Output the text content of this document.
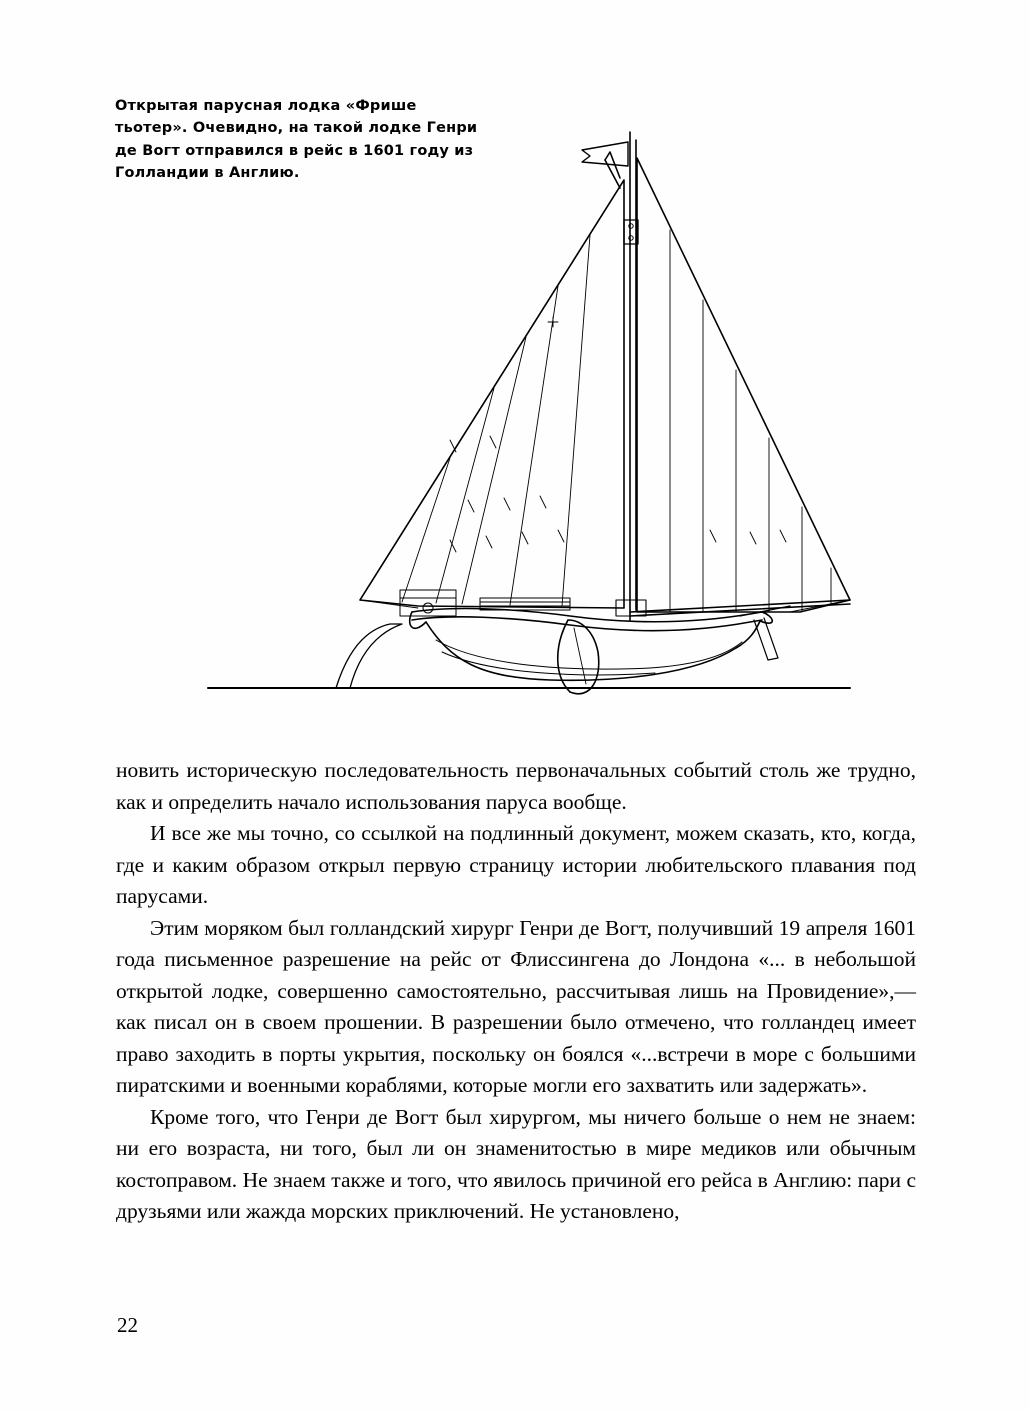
Открытая парусная лодка «Фрише
тьотер». Очевидно, на такой лодке Генри
де Вогт отправился в рейс в 1601 году из
Голландии в Англию.

новить историческую последовательность первоначальных событий столь же трудно, как и определить начало использования паруса вообще.

И все же мы точно, со ссылкой на подлинный документ, можем сказать, кто, когда, где и каким образом открыл первую страницу истории любительского плавания под парусами.

Этим моряком был голландский хирург Генри де Вогт, получивший 19 апреля 1601 года письменное разрешение на рейс от Флиссингена до Лондона «... в небольшой открытой лодке, совершенно самостоятельно, рассчитывая лишь на Провидение»,— как писал он в своем прошении. В разрешении было отмечено, что голландец имеет право заходить в порты укрытия, поскольку он боялся «...встречи в море с большими пиратскими и военными кораблями, которые могли его захватить или задержать».

Кроме того, что Генри де Вогт был хирургом, мы ничего больше о нем не знаем: ни его возраста, ни того, был ли он знаменитостью в мире медиков или обычным костоправом. Не знаем также и того, что явилось причиной его рейса в Англию: пари с друзьями или жажда морских приключений. Не установлено,

22
